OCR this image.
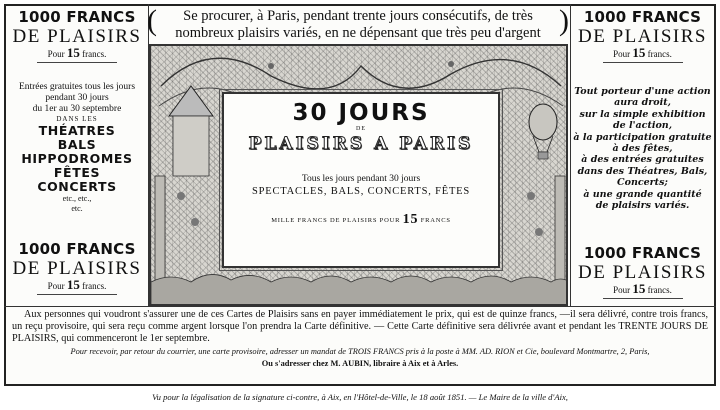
(	Se procurer, à Paris, pendant trente jours consécutifs, de très
nombreux plaisirs variés, en ne dépensant que très peu d'argent )
1000 FRANCS
DE PLAISIRS
Pour 15 francs.
Entrées gratuites tous les jours
pendant 30 jours
du 1er au 30 septembre
DANS LES
THÉATRES
BALS
HIPPODROMES
FÊTES
CONCERTS
etc., etc.,
etc.
1000 FRANCS
DE PLAISIRS
Pour 15 francs.
1000 FRANCS
DE PLAISIRS
Pour 15 francs.
Tout porteur d'une action
aura droit,
sur la simple exhibition
de l'action,
à la participation gratuite
à des fêtes,
à des entrées gratuites
dans des Théatres, Bals,
Concerts;
à une grande quantité
de plaisirs variés.
1000 FRANCS
DE PLAISIRS
Pour 15 francs.
30 JOURS
DE
PLAISIRS A PARIS
Tous les jours pendant 30 jours
SPECTACLES, BALS, CONCERTS, FÊTES
MILLE FRANCS DE PLAISIRS POUR 15 FRANCS
Aux personnes qui voudront s'assurer une de ces Cartes de Plaisirs sans en payer immédiatement le prix, qui est de quinze francs, —il sera délivré, contre trois francs, un reçu provisoire, qui sera reçu comme argent lorsque l'on prendra la Carte définitive. — Cette Carte définitive sera délivrée avant et pendant les TRENTE JOURS DE PLAISIRS, qui commenceront le 1er septembre.
Pour recevoir, par retour du courrier, une carte provisoire, adresser un mandat de TROIS FRANCS pris à la poste à MM. AD. RION et Cie, boulevard Montmartre, 2, Paris,
Ou s'adresser chez M. AUBIN, libraire à Aix et à Arles.
Vu pour la légalisation de la signature ci-contre, à Aix, en l'Hôtel-de-Ville, le 18 août 1851. — Le Maire de la ville d'Aix,
